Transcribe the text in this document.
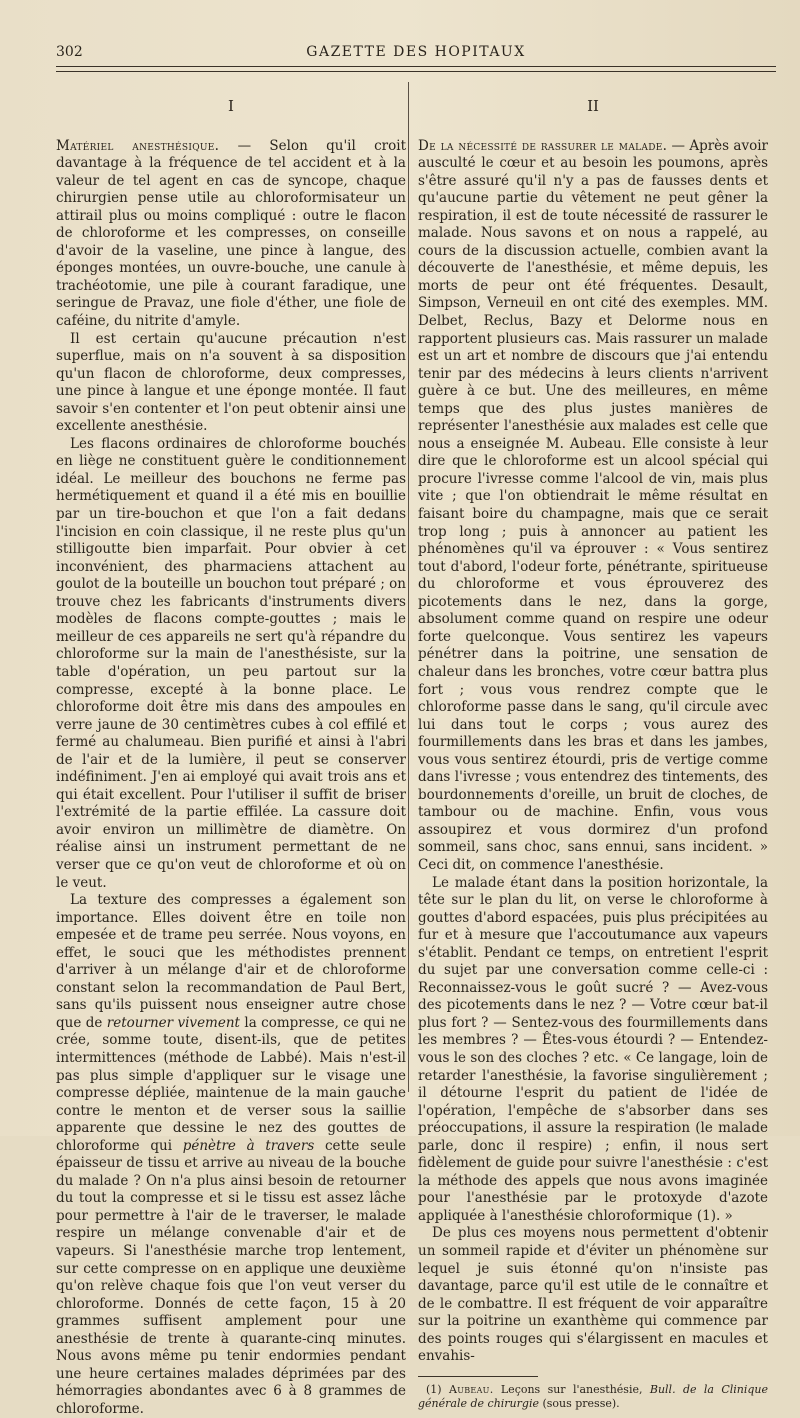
302	GAZETTE DES HOPITAUX
I

Matériel anesthésique. — Selon qu'il croit davantage à la fréquence de tel accident et à la valeur de tel agent en cas de syncope, chaque chirurgien pense utile au chloroformisateur un attirail plus ou moins compliqué : outre le flacon de chloroforme et les compresses, on conseille d'avoir de la vaseline, une pince à langue, des éponges montées, un ouvre-bouche, une canule à trachéotomie, une pile à courant faradique, une seringue de Pravaz, une fiole d'éther, une fiole de caféine, du nitrite d'amyle.

Il est certain qu'aucune précaution n'est superflue, mais on n'a souvent à sa disposition qu'un flacon de chloroforme, deux compresses, une pince à langue et une éponge montée. Il faut savoir s'en contenter et l'on peut obtenir ainsi une excellente anesthésie.

Les flacons ordinaires de chloroforme bouchés en liège ne constituent guère le conditionnement idéal. Le meilleur des bouchons ne ferme pas hermétiquement et quand il a été mis en bouillie par un tire-bouchon et que l'on a fait dedans l'incision en coin classique, il ne reste plus qu'un stilligoutte bien imparfait. Pour obvier à cet inconvénient, des pharmaciens attachent au goulot de la bouteille un bouchon tout préparé ; on trouve chez les fabricants d'instruments divers modèles de flacons compte-gouttes ; mais le meilleur de ces appareils ne sert qu'à répandre du chloroforme sur la main de l'anesthésiste, sur la table d'opération, un peu partout sur la compresse, excepté à la bonne place. Le chloroforme doit être mis dans des ampoules en verre jaune de 30 centimètres cubes à col effilé et fermé au chalumeau. Bien purifié et ainsi à l'abri de l'air et de la lumière, il peut se conserver indéfiniment. J'en ai employé qui avait trois ans et qui était excellent. Pour l'utiliser il suffit de briser l'extrémité de la partie effilée. La cassure doit avoir environ un millimètre de diamètre. On réalise ainsi un instrument permettant de ne verser que ce qu'on veut de chloroforme et où on le veut.

La texture des compresses a également son importance. Elles doivent être en toile non empesée et de trame peu serrée. Nous voyons, en effet, le souci que les méthodistes prennent d'arriver à un mélange d'air et de chloroforme constant selon la recommandation de Paul Bert, sans qu'ils puissent nous enseigner autre chose que de retourner vivement la compresse, ce qui ne crée, somme toute, disent-ils, que de petites intermittences (méthode de Labbé). Mais n'est-il pas plus simple d'appliquer sur le visage une compresse dépliée, maintenue de la main gauche contre le menton et de verser sous la saillie apparente que dessine le nez des gouttes de chloroforme qui pénètre à travers cette seule épaisseur de tissu et arrive au niveau de la bouche du malade ? On n'a plus ainsi besoin de retourner du tout la compresse et si le tissu est assez lâche pour permettre à l'air de le traverser, le malade respire un mélange convenable d'air et de vapeurs. Si l'anesthésie marche trop lentement, sur cette compresse on en applique une deuxième qu'on relève chaque fois que l'on veut verser du chloroforme. Donnés de cette façon, 15 à 20 grammes suffisent amplement pour une anesthésie de trente à quarante-cinq minutes. Nous avons même pu tenir endormies pendant une heure certaines malades déprimées par des hémorragies abondantes avec 6 à 8 grammes de chloroforme.

II

De la nécessité de rassurer le malade. — Après avoir ausculté le cœur et au besoin les poumons, après s'être assuré qu'il n'y a pas de fausses dents et qu'aucune partie du vêtement ne peut gêner la respiration, il est de toute nécessité de rassurer le malade. Nous savons et on nous a rappelé, au cours de la discussion actuelle, combien avant la découverte de l'anesthésie, et même depuis, les morts de peur ont été fréquentes. Desault, Simpson, Verneuil en ont cité des exemples. MM. Delbet, Reclus, Bazy et Delorme nous en rapportent plusieurs cas. Mais rassurer un malade est un art et nombre de discours que j'ai entendu tenir par des médecins à leurs clients n'arrivent guère à ce but. Une des meilleures, en même temps que des plus justes manières de représenter l'anesthésie aux malades est celle que nous a enseignée M. Aubeau. Elle consiste à leur dire que le chloroforme est un alcool spécial qui procure l'ivresse comme l'alcool de vin, mais plus vite ; que l'on obtiendrait le même résultat en faisant boire du champagne, mais que ce serait trop long ; puis à annoncer au patient les phénomènes qu'il va éprouver : « Vous sentirez tout d'abord, l'odeur forte, pénétrante, spiritueuse du chloroforme et vous éprouverez des picotements dans le nez, dans la gorge, absolument comme quand on respire une odeur forte quelconque. Vous sentirez les vapeurs pénétrer dans la poitrine, une sensation de chaleur dans les bronches, votre cœur battra plus fort ; vous vous rendrez compte que le chloroforme passe dans le sang, qu'il circule avec lui dans tout le corps ; vous aurez des fourmillements dans les bras et dans les jambes, vous vous sentirez étourdi, pris de vertige comme dans l'ivresse ; vous entendrez des tintements, des bourdonnements d'oreille, un bruit de cloches, de tambour ou de machine. Enfin, vous vous assoupirez et vous dormirez d'un profond sommeil, sans choc, sans ennui, sans incident. » Ceci dit, on commence l'anesthésie.

Le malade étant dans la position horizontale, la tête sur le plan du lit, on verse le chloroforme à gouttes d'abord espacées, puis plus précipitées au fur et à mesure que l'accoutumance aux vapeurs s'établit. Pendant ce temps, on entretient l'esprit du sujet par une conversation comme celle-ci : Reconnaissez-vous le goût sucré ? — Avez-vous des picotements dans le nez ? — Votre cœur bat-il plus fort ? — Sentez-vous des fourmillements dans les membres ? — Êtes-vous étourdi ? — Entendez-vous le son des cloches ? etc. « Ce langage, loin de retarder l'anesthésie, la favorise singulièrement ; il détourne l'esprit du patient de l'idée de l'opération, l'empêche de s'absorber dans ses préoccupations, il assure la respiration (le malade parle, donc il respire) ; enfin, il nous sert fidèlement de guide pour suivre l'anesthésie : c'est la méthode des appels que nous avons imaginée pour l'anesthésie par le protoxyde d'azote appliquée à l'anesthésie chloroformique (1). »

De plus ces moyens nous permettent d'obtenir un sommeil rapide et d'éviter un phénomène sur lequel je suis étonné qu'on n'insiste pas davantage, parce qu'il est utile de le connaître et de le combattre. Il est fréquent de voir apparaître sur la poitrine un exanthème qui commence par des points rouges qui s'élargissent en macules et envahis-

(1) Aubeau. Leçons sur l'anesthésie, Bull. de la Clinique générale de chirurgie (sous presse).
